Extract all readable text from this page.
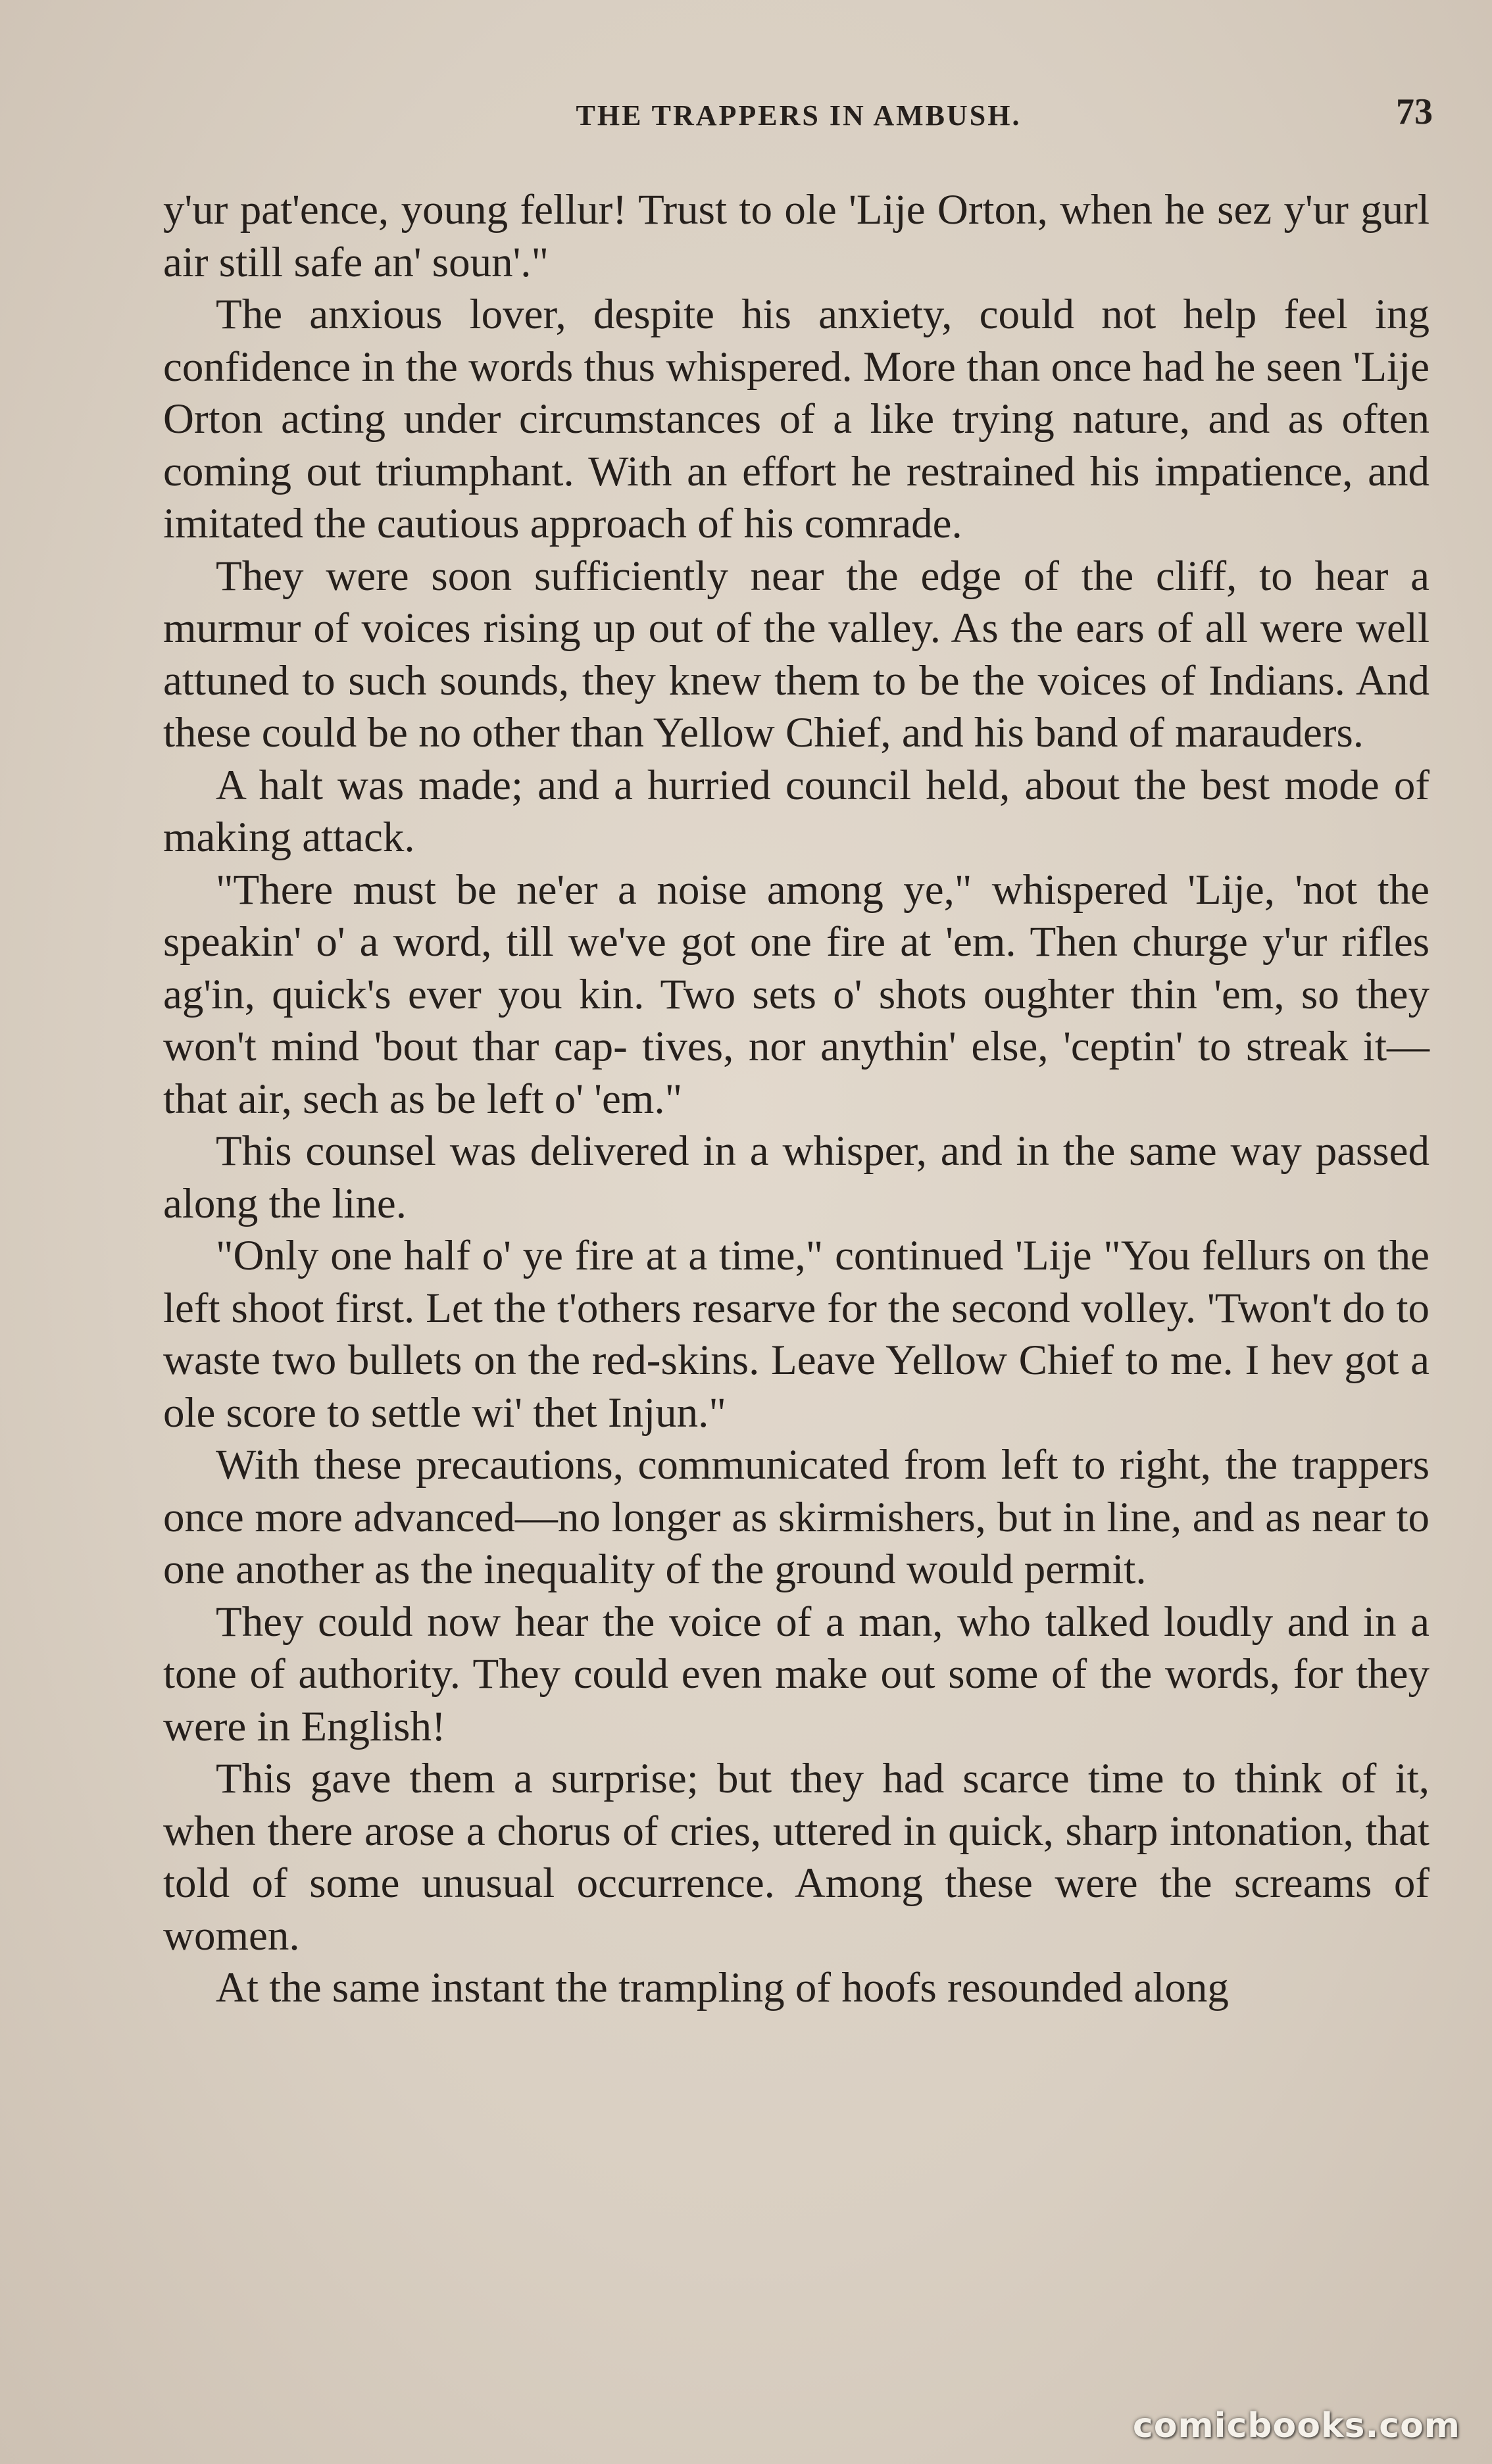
THE TRAPPERS IN AMBUSH.	73

y'ur pat'ence, young fellur! Trust to ole 'Lije Orton, when he sez y'ur gurl air still safe an' soun'."

The anxious lover, despite his anxiety, could not help feel ing confidence in the words thus whispered. More than once had he seen 'Lije Orton acting under circumstances of a like trying nature, and as often coming out triumphant. With an effort he restrained his impatience, and imitated the cautious approach of his comrade.

They were soon sufficiently near the edge of the cliff, to hear a murmur of voices rising up out of the valley. As the ears of all were well attuned to such sounds, they knew them to be the voices of Indians. And these could be no other than Yellow Chief, and his band of marauders.

A halt was made; and a hurried council held, about the best mode of making attack.

"There must be ne'er a noise among ye," whispered 'Lije, 'not the speakin' o' a word, till we've got one fire at 'em. Then churge y'ur rifles ag'in, quick's ever you kin. Two sets o' shots oughter thin 'em, so they won't mind 'bout thar cap- tives, nor anythin' else, 'ceptin' to streak it—that air, sech as be left o' 'em."

This counsel was delivered in a whisper, and in the same way passed along the line.

"Only one half o' ye fire at a time," continued 'Lije "You fellurs on the left shoot first. Let the t'others resarve for the second volley. 'Twon't do to waste two bullets on the red-skins. Leave Yellow Chief to me. I hev got a ole score to settle wi' thet Injun."

With these precautions, communicated from left to right, the trappers once more advanced—no longer as skirmishers, but in line, and as near to one another as the inequality of the ground would permit.

They could now hear the voice of a man, who talked loudly and in a tone of authority. They could even make out some of the words, for they were in English!

This gave them a surprise; but they had scarce time to think of it, when there arose a chorus of cries, uttered in quick, sharp intonation, that told of some unusual occurrence. Among these were the screams of women.

At the same instant the trampling of hoofs resounded along

comicbooks.com
